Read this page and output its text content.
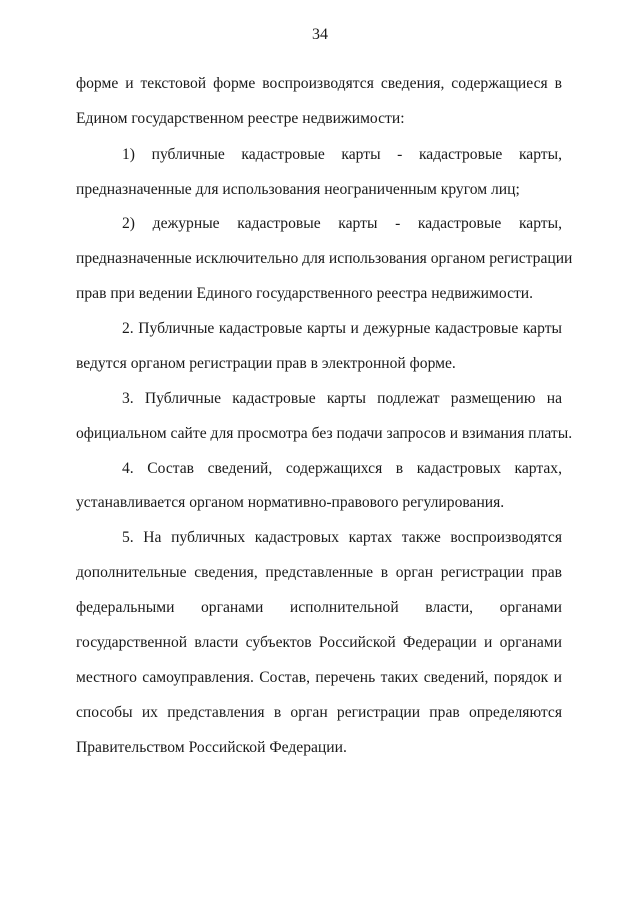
34
форме и текстовой форме воспроизводятся сведения, содержащиеся в
Едином государственном реестре недвижимости:
1) публичные кадастровые карты - кадастровые карты,
предназначенные для использования неограниченным кругом лиц;
2) дежурные кадастровые карты - кадастровые карты,
предназначенные исключительно для использования органом регистрации
прав при ведении Единого государственного реестра недвижимости.
2. Публичные кадастровые карты и дежурные кадастровые карты
ведутся органом регистрации прав в электронной форме.
3. Публичные кадастровые карты подлежат размещению на
официальном сайте для просмотра без подачи запросов и взимания платы.
4. Состав сведений, содержащихся в кадастровых картах,
устанавливается органом нормативно-правового регулирования.
5. На публичных кадастровых картах также воспроизводятся
дополнительные сведения, представленные в орган регистрации прав
федеральными органами исполнительной власти, органами
государственной власти субъектов Российской Федерации и органами
местного самоуправления. Состав, перечень таких сведений, порядок и
способы их представления в орган регистрации прав определяются
Правительством Российской Федерации.
